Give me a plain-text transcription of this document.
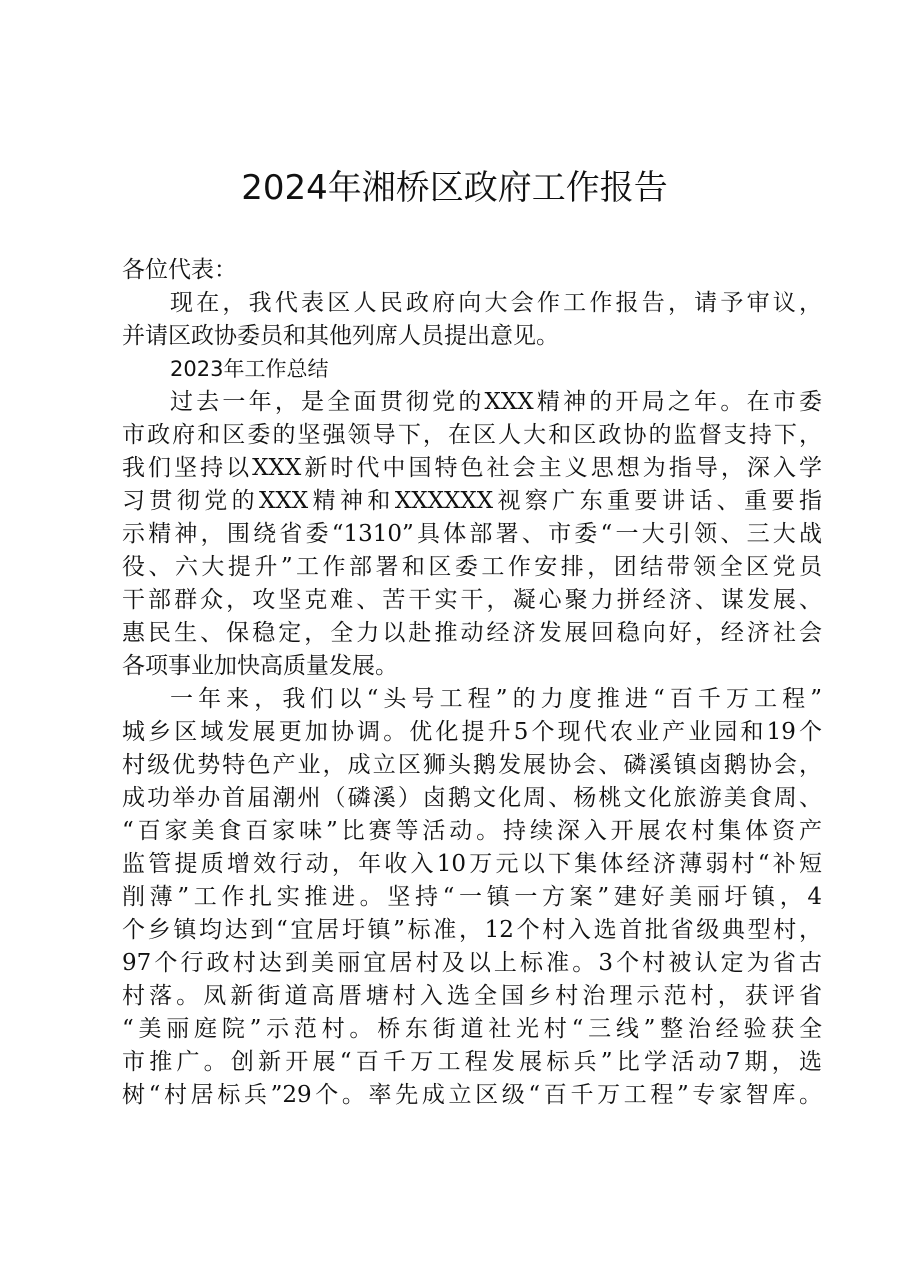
2024年湘桥区政府工作报告
各位代表：
现在，我代表区人民政府向大会作工作报告，请予审议，
并请区政协委员和其他列席人员提出意见。
2023年工作总结
过去一年，是全面贯彻党的XXX精神的开局之年。在市委
市政府和区委的坚强领导下，在区人大和区政协的监督支持下，
我们坚持以XXX新时代中国特色社会主义思想为指导，深入学
习贯彻党的XXX精神和XXXXXX视察广东重要讲话、重要指
示精神，围绕省委“1310”具体部署、市委“一大引领、三大战
役、六大提升”工作部署和区委工作安排，团结带领全区党员
干部群众，攻坚克难、苦干实干，凝心聚力拼经济、谋发展、
惠民生、保稳定，全力以赴推动经济发展回稳向好，经济社会
各项事业加快高质量发展。
一年来，我们以“头号工程”的力度推进“百千万工程”
城乡区域发展更加协调。优化提升5个现代农业产业园和19个
村级优势特色产业，成立区狮头鹅发展协会、磷溪镇卤鹅协会，
成功举办首届潮州（磷溪）卤鹅文化周、杨桃文化旅游美食周、
“百家美食百家味”比赛等活动。持续深入开展农村集体资产
监管提质增效行动，年收入10万元以下集体经济薄弱村“补短
削薄”工作扎实推进。坚持“一镇一方案”建好美丽圩镇，4
个乡镇均达到“宜居圩镇”标准，12个村入选首批省级典型村，
97个行政村达到美丽宜居村及以上标准。3个村被认定为省古
村落。凤新街道高厝塘村入选全国乡村治理示范村，获评省
“美丽庭院”示范村。桥东街道社光村“三线”整治经验获全
市推广。创新开展“百千万工程发展标兵”比学活动7期，选
树“村居标兵”29个。率先成立区级“百千万工程”专家智库。
